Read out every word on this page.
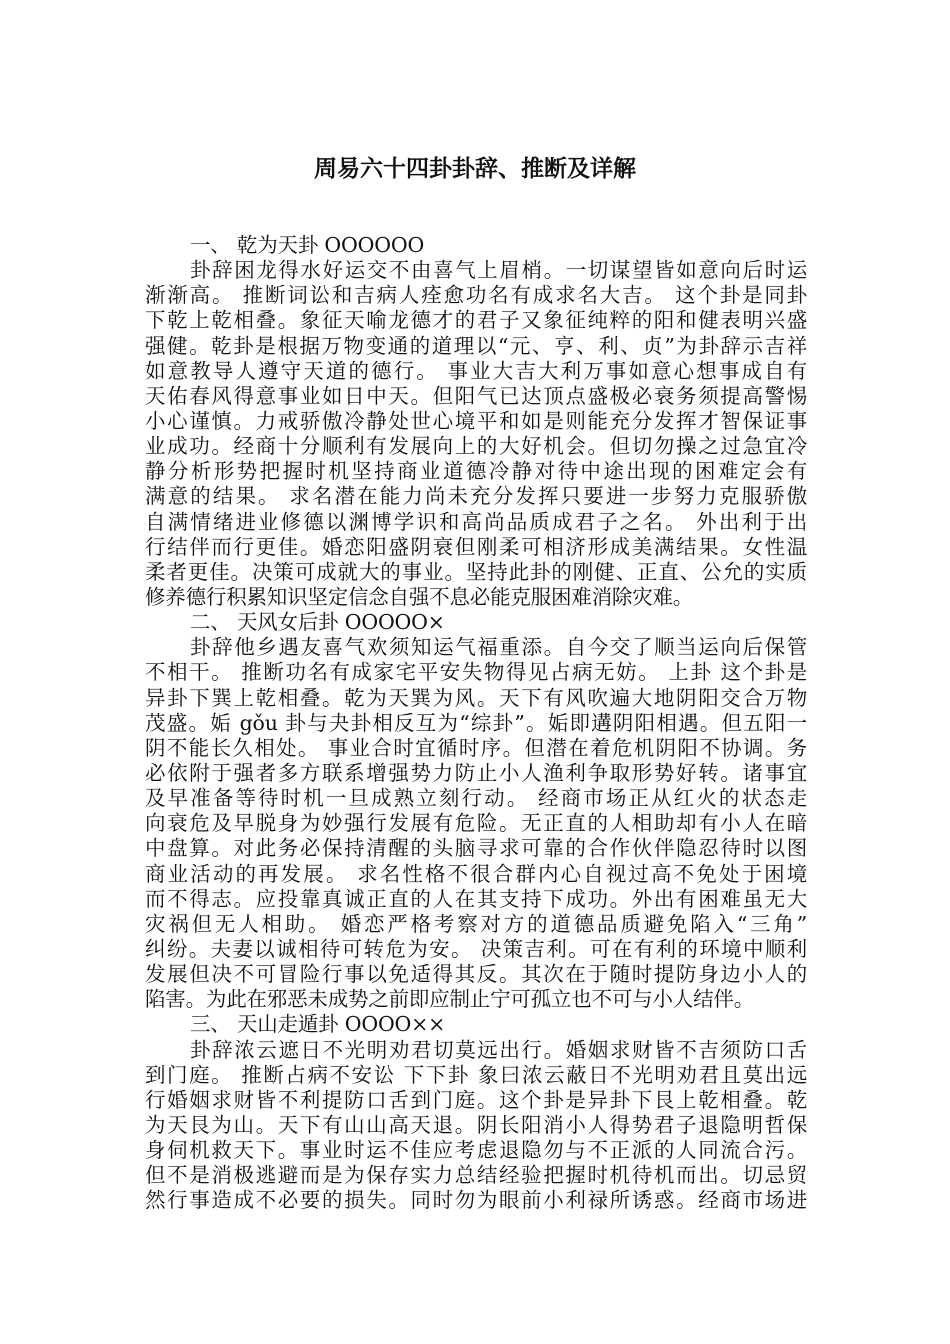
周易六十四卦卦辞、推断及详解
一、 乾为天卦 OOOOOO
卦辞困龙得水好运交不由喜气上眉梢。一切谋望皆如意向后时运
渐渐高。 推断词讼和吉病人痊愈功名有成求名大吉。 这个卦是同卦
下乾上乾相叠。象征天喻龙德才的君子又象征纯粹的阳和健表明兴盛
强健。乾卦是根据万物变通的道理以“元、亨、利、贞”为卦辞示吉祥
如意教导人遵守天道的德行。 事业大吉大利万事如意心想事成自有
天佑春风得意事业如日中天。但阳气已达顶点盛极必衰务须提高警惕
小心谨慎。力戒骄傲冷静处世心境平和如是则能充分发挥才智保证事
业成功。经商十分顺利有发展向上的大好机会。但切勿操之过急宜冷
静分析形势把握时机坚持商业道德冷静对待中途出现的困难定会有
满意的结果。 求名潜在能力尚未充分发挥只要进一步努力克服骄傲
自满情绪进业修德以渊博学识和高尚品质成君子之名。 外出利于出
行结伴而行更佳。婚恋阳盛阴衰但刚柔可相济形成美满结果。女性温
柔者更佳。决策可成就大的事业。坚持此卦的刚健、正直、公允的实质
修养德行积累知识坚定信念自强不息必能克服困难消除灾难。
二、 天风女后卦 OOOOO×
卦辞他乡遇友喜气欢须知运气福重添。自今交了顺当运向后保管
不相干。 推断功名有成家宅平安失物得见占病无妨。 上卦 这个卦是
异卦下巽上乾相叠。乾为天巽为风。天下有风吹遍大地阴阳交合万物
茂盛。姤 gǒu 卦与夬卦相反互为“综卦”。姤即遘阴阳相遇。但五阳一
阴不能长久相处。 事业合时宜循时序。但潜在着危机阴阳不协调。务
必依附于强者多方联系增强势力防止小人渔利争取形势好转。诸事宜
及早准备等待时机一旦成熟立刻行动。 经商市场正从红火的状态走
向衰危及早脱身为妙强行发展有危险。无正直的人相助却有小人在暗
中盘算。对此务必保持清醒的头脑寻求可靠的合作伙伴隐忍待时以图
商业活动的再发展。 求名性格不很合群内心自视过高不免处于困境
而不得志。应投靠真诚正直的人在其支持下成功。外出有困难虽无大
灾祸但无人相助。 婚恋严格考察对方的道德品质避免陷入“三角”
纠纷。夫妻以诚相待可转危为安。 决策吉利。可在有利的环境中顺利
发展但决不可冒险行事以免适得其反。其次在于随时提防身边小人的
陷害。为此在邪恶未成势之前即应制止宁可孤立也不可与小人结伴。
三、 天山走遁卦 OOOO××
卦辞浓云遮日不光明劝君切莫远出行。婚姻求财皆不吉须防口舌
到门庭。 推断占病不安讼 下下卦 象曰浓云蔽日不光明劝君且莫出远
行婚姻求财皆不利提防口舌到门庭。这个卦是异卦下艮上乾相叠。乾
为天艮为山。天下有山山高天退。阴长阳消小人得势君子退隐明哲保
身伺机救天下。事业时运不佳应考虑退隐勿与不正派的人同流合污。
但不是消极逃避而是为保存实力总结经验把握时机待机而出。切忌贸
然行事造成不必要的损失。同时勿为眼前小利禄所诱惑。经商市场进
